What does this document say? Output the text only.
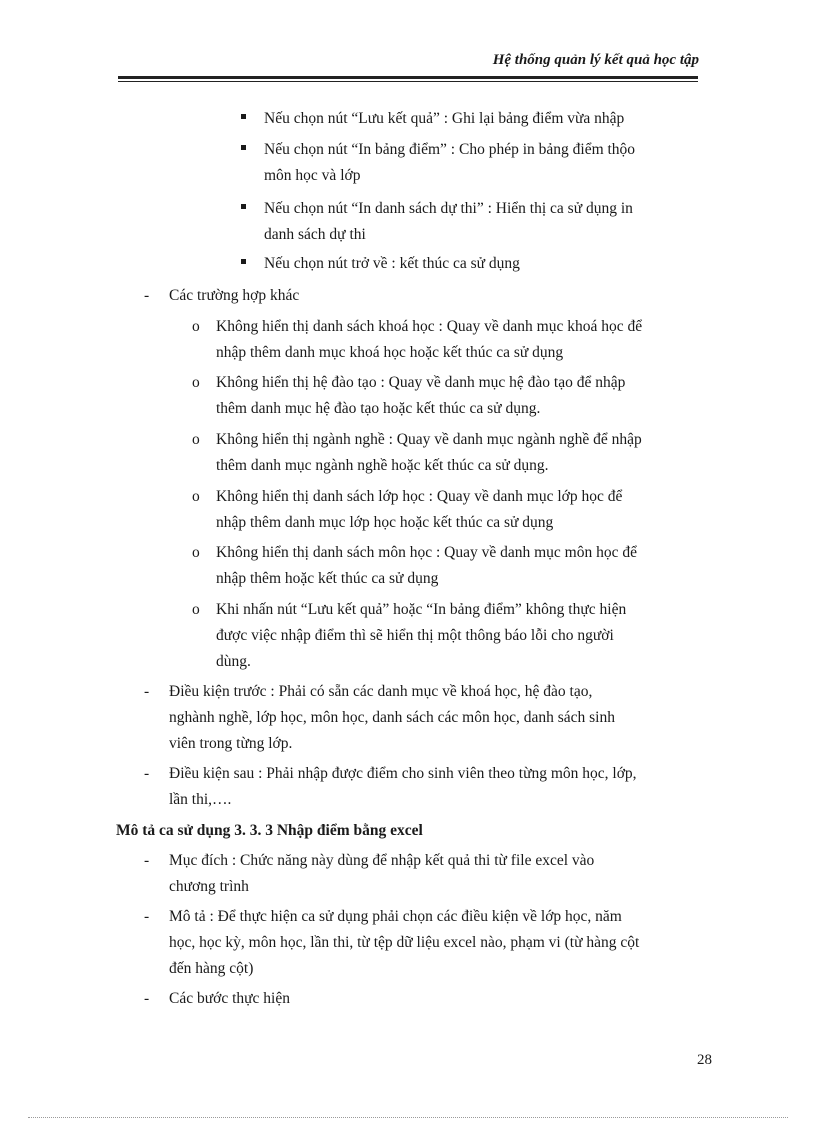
Hệ thống quản lý kết quả học tập
Nếu chọn nút “Lưu kết quả” : Ghi lại bảng điểm vừa nhập
Nếu chọn nút “In bảng điểm” : Cho phép in bảng điểm thộo
môn học và lớp
Nếu chọn nút “In danh sách dự thi” : Hiển thị ca sử dụng in
danh sách dự thi
Nếu chọn nút trở về : kết thúc ca sử dụng
- Các trường hợp khác
o Không hiển thị danh sách khoá học : Quay về danh mục khoá học để
nhập thêm danh mục khoá học hoặc kết thúc ca sử dụng
o Không hiển thị hệ đào tạo : Quay về danh mục hệ đào tạo để nhập
thêm danh mục hệ đào tạo hoặc kết thúc ca sử dụng.
o Không hiển thị ngành nghề : Quay về danh mục ngành nghề để nhập
thêm danh mục ngành nghề hoặc kết thúc ca sử dụng.
o Không hiển thị danh sách lớp học : Quay về danh mục lớp học để
nhập thêm danh mục lớp học hoặc kết thúc ca sử dụng
o Không hiển thị danh sách môn học : Quay về danh mục môn học để
nhập thêm hoặc kết thúc ca sử dụng
o Khi nhấn nút “Lưu kết quả” hoặc “In bảng điểm” không thực hiện
được việc nhập điểm thì sẽ hiển thị một thông báo lỗi cho người
dùng.
- Điều kiện trước : Phải có sẵn các danh mục về khoá học, hệ đào tạo,
nghành nghề, lớp học, môn học, danh sách các môn học, danh sách sinh
viên trong từng lớp.
- Điều kiện sau : Phải nhập được điểm cho sinh viên theo từng môn học, lớp,
lần thi,….
Mô tả ca sử dụng 3. 3. 3 Nhập điểm bằng excel
- Mục đích : Chức năng này dùng để nhập kết quả thi từ file excel vào
chương trình
- Mô tả : Để thực hiện ca sử dụng phải chọn các điều kiện về lớp học, năm
học, học kỳ, môn học, lần thi, từ tệp dữ liệu excel nào, phạm vi (từ hàng cột
đến hàng cột)
- Các bước thực hiện
28
